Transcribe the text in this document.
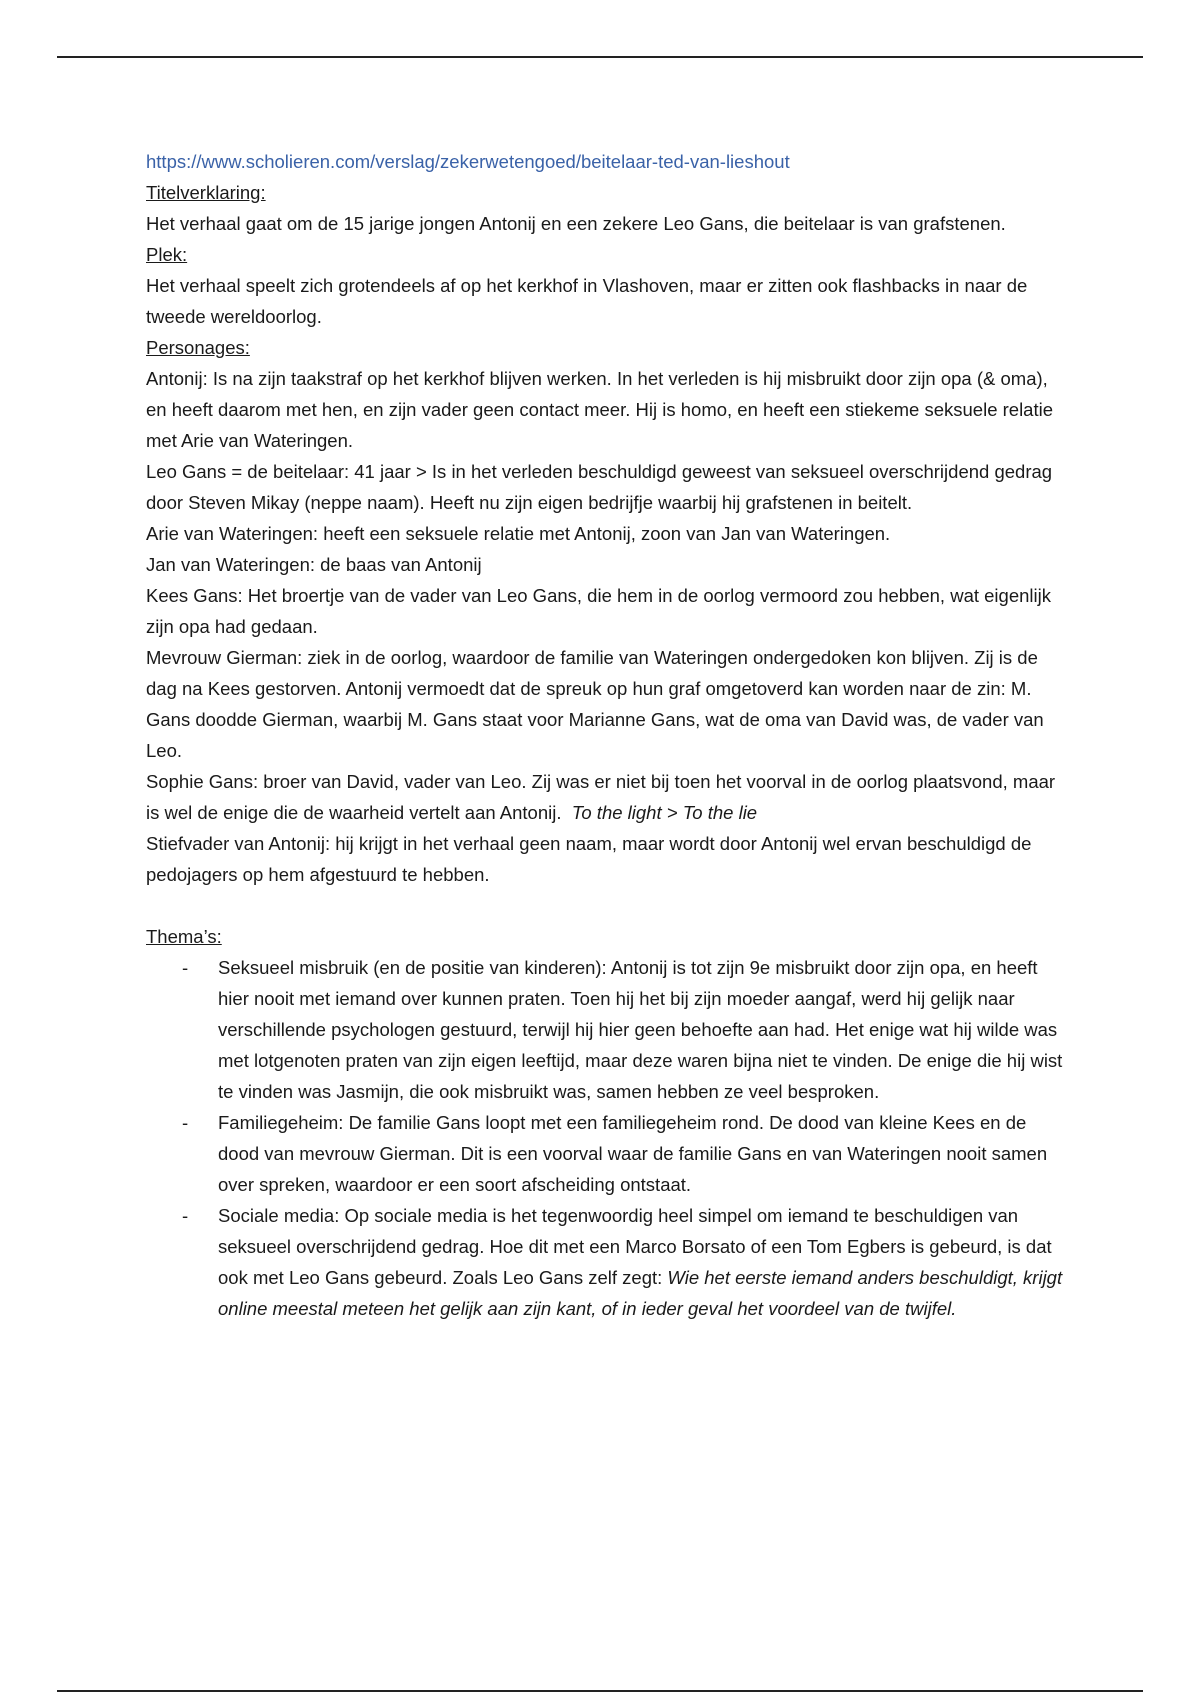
https://www.scholieren.com/verslag/zekerwetengoed/beitelaar-ted-van-lieshout
Titelverklaring:

Het verhaal gaat om de 15 jarige jongen Antonij en een zekere Leo Gans, die beitelaar is van grafstenen.

Plek:

Het verhaal speelt zich grotendeels af op het kerkhof in Vlashoven, maar er zitten ook flashbacks in naar de tweede wereldoorlog.

Personages:

Antonij: Is na zijn taakstraf op het kerkhof blijven werken. In het verleden is hij misbruikt door zijn opa (& oma), en heeft daarom met hen, en zijn vader geen contact meer. Hij is homo, en heeft een stiekeme seksuele relatie met Arie van Wateringen.

Leo Gans = de beitelaar: 41 jaar > Is in het verleden beschuldigd geweest van seksueel overschrijdend gedrag door Steven Mikay (neppe naam). Heeft nu zijn eigen bedrijfje waarbij hij grafstenen in beitelt.

Arie van Wateringen: heeft een seksuele relatie met Antonij, zoon van Jan van Wateringen.

Jan van Wateringen: de baas van Antonij

Kees Gans: Het broertje van de vader van Leo Gans, die hem in de oorlog vermoord zou hebben, wat eigenlijk zijn opa had gedaan.

Mevrouw Gierman: ziek in de oorlog, waardoor de familie van Wateringen ondergedoken kon blijven. Zij is de dag na Kees gestorven. Antonij vermoedt dat de spreuk op hun graf omgetoverd kan worden naar de zin: M. Gans doodde Gierman, waarbij M. Gans staat voor Marianne Gans, wat de oma van David was, de vader van Leo.

Sophie Gans: broer van David, vader van Leo. Zij was er niet bij toen het voorval in de oorlog plaatsvond, maar is wel de enige die de waarheid vertelt aan Antonij. To the light > To the lie

Stiefvader van Antonij: hij krijgt in het verhaal geen naam, maar wordt door Antonij wel ervan beschuldigd de pedojagers op hem afgestuurd te hebben.

Thema’s:
- Seksueel misbruik (en de positie van kinderen): Antonij is tot zijn 9e misbruikt door zijn opa, en heeft hier nooit met iemand over kunnen praten. Toen hij het bij zijn moeder aangaf, werd hij gelijk naar verschillende psychologen gestuurd, terwijl hij hier geen behoefte aan had. Het enige wat hij wilde was met lotgenoten praten van zijn eigen leeftijd, maar deze waren bijna niet te vinden. De enige die hij wist te vinden was Jasmijn, die ook misbruikt was, samen hebben ze veel besproken.
- Familiegeheim: De familie Gans loopt met een familiegeheim rond. De dood van kleine Kees en de dood van mevrouw Gierman. Dit is een voorval waar de familie Gans en van Wateringen nooit samen over spreken, waardoor er een soort afscheiding ontstaat.
- Sociale media: Op sociale media is het tegenwoordig heel simpel om iemand te beschuldigen van seksueel overschrijdend gedrag. Hoe dit met een Marco Borsato of een Tom Egbers is gebeurd, is dat ook met Leo Gans gebeurd. Zoals Leo Gans zelf zegt: Wie het eerste iemand anders beschuldigt, krijgt online meestal meteen het gelijk aan zijn kant, of in ieder geval het voordeel van de twijfel.
